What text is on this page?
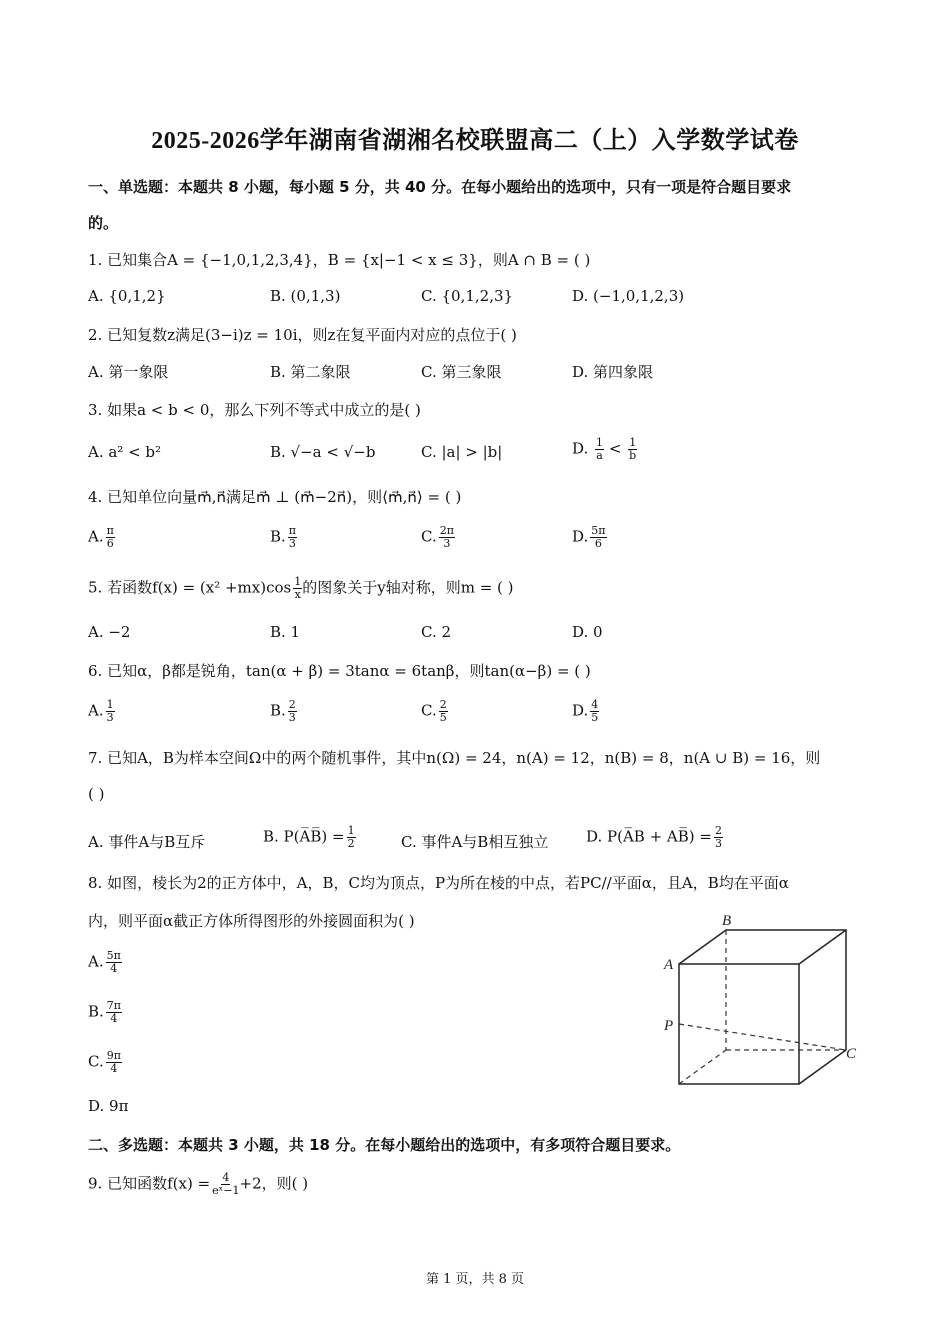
2025-2026学年湖南省湖湘名校联盟高二（上）入学数学试卷
一、单选题：本题共 8 小题，每小题 5 分，共 40 分。在每小题给出的选项中，只有一项是符合题目要求
的。
1. 已知集合A = {−1,0,1,2,3,4}，B = {x|−1 < x ≤ 3}，则A ∩ B = ( )
A. {0,1,2}	B. (0,1,3)	C. {0,1,2,3}	D. (−1,0,1,2,3)
2. 已知复数z满足(3−i)z = 10i，则z在复平面内对应的点位于( )
A. 第一象限	B. 第二象限	C. 第三象限	D. 第四象限
3. 如果a < b < 0，那么下列不等式中成立的是( )
A. a² < b²	B. √−a < √−b	C. |a| > |b|	D. $\frac{1}{a} < \frac{1}{b}$
4. 已知单位向量m⃗,n⃗满足m⃗ ⊥ (m⃗−2n⃗)，则⟨m⃗,n⃗⟩ = ( )
A. $\frac{\pi}{6}$	B. $\frac{\pi}{3}$	C. $\frac{2\pi}{3}$	D. $\frac{5\pi}{6}$
5. 若函数$f(x) = (x^2 +mx)\cos \frac{1}{x}$ 的图象关于y轴对称，则m = ( )
A. −2	B. 1	C. 2	D. 0
6. 已知α，β都是锐角，tan(α + β) = 3tanα = 6tanβ，则tan(α−β) = ( )
A. $\frac{1}{3}$	B. $\frac{2}{3}$	C. $\frac{2}{5}$	D. $\frac{4}{5}$
7. 已知A，B为样本空间Ω中的两个随机事件，其中n(Ω) = 24，n(A) = 12，n(B) = 8，n(A ∪ B) = 16，则
( )
A. 事件A与B互斥	B. P(A̅B̅) = $\frac{1}{2}$	C. 事件A与B相互独立	D. P(A̅B + AB̅) = $\frac{2}{3}$
8. 如图，棱长为2的正方体中，A，B，C均为顶点，P为所在棱的中点，若PC//平面α，且A，B均在平面α
内，则平面α截正方体所得图形的外接圆面积为( )
A. $\frac{5\pi}{4}$
B. $\frac{7\pi}{4}$
C. $\frac{9\pi}{4}$
D. 9π
B
A
P
C
二、多选题：本题共 3 小题，共 18 分。在每小题给出的选项中，有多项符合题目要求。
9. 已知函数$f(x) = \frac{4}{\text{eˣ−1}} +2$，则( )
第 1 页，共 8 页
